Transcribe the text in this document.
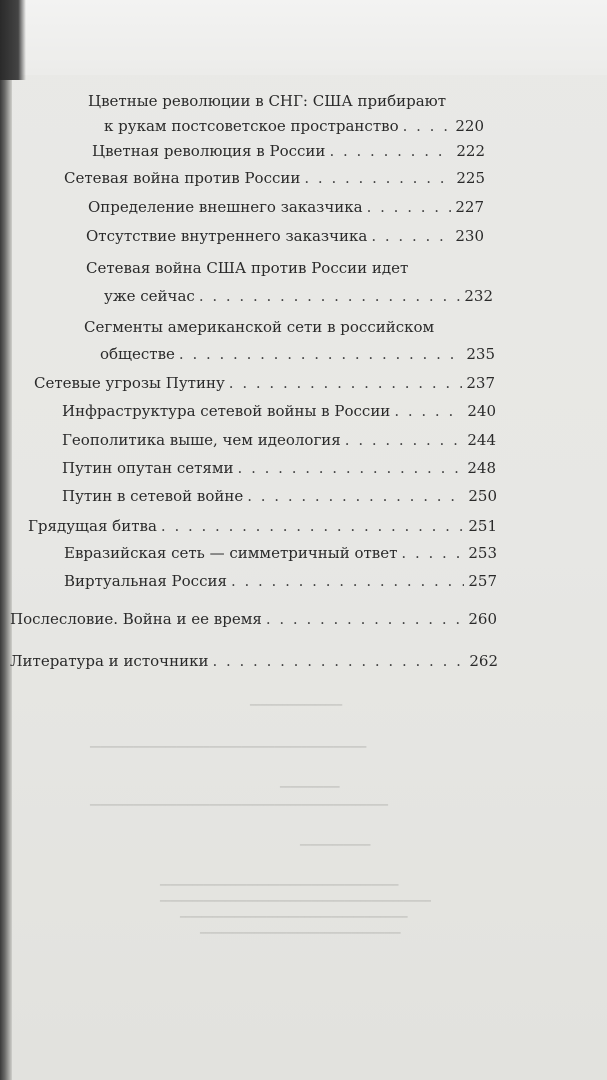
━━━━━━━━━━━━━━━━━
━━━━━━━━━━━━━━━━━━━━━━━━━━━━━━━━━━━━━━━━━━━━━━━━━━━
━━━━━━━━━━━
━━━━━━━━━━━━━━━━━━━━━━━━━━━━━━━━━━━━━━━━━━━━━━━━━━━━━━━
━━━━━━━━━━━━━
━━━━━━━━━━━━━━━━━━━━━━━━━━━━━━━━━━━━━━━━━━━━
━━━━━━━━━━━━━━━━━━━━━━━━━━━━━━━━━━━━━━━━━━━━━━━━━━
━━━━━━━━━━━━━━━━━━━━━━━━━━━━━━━━━━━━━━━━━━
━━━━━━━━━━━━━━━━━━━━━━━━━━━━━━━━━━━━━
Цветные революции в СНГ: США прибирают
к рукам постсоветское пространство . . .	220
Цветная революция в России . . .	222
Сетевая война против России . . .	225
Определение внешнего заказчика . . .	227
Отсутствие внутреннего заказчика . . .	230
Сетевая война США против России идет
уже сейчас . . .	232
Сегменты американской сети в российском
обществе . . .	235
Сетевые угрозы Путину . . .	237
Инфраструктура сетевой войны в России . . .	240
Геополитика выше, чем идеология . . .	244
Путин опутан сетями . . .	248
Путин в сетевой войне . . .	250
Грядущая битва . . .	251
Евразийская сеть — симметричный ответ . . .	253
Виртуальная Россия . . .	257
Послесловие. Война и ее время . . .	260
Литература и источники . . .	262
